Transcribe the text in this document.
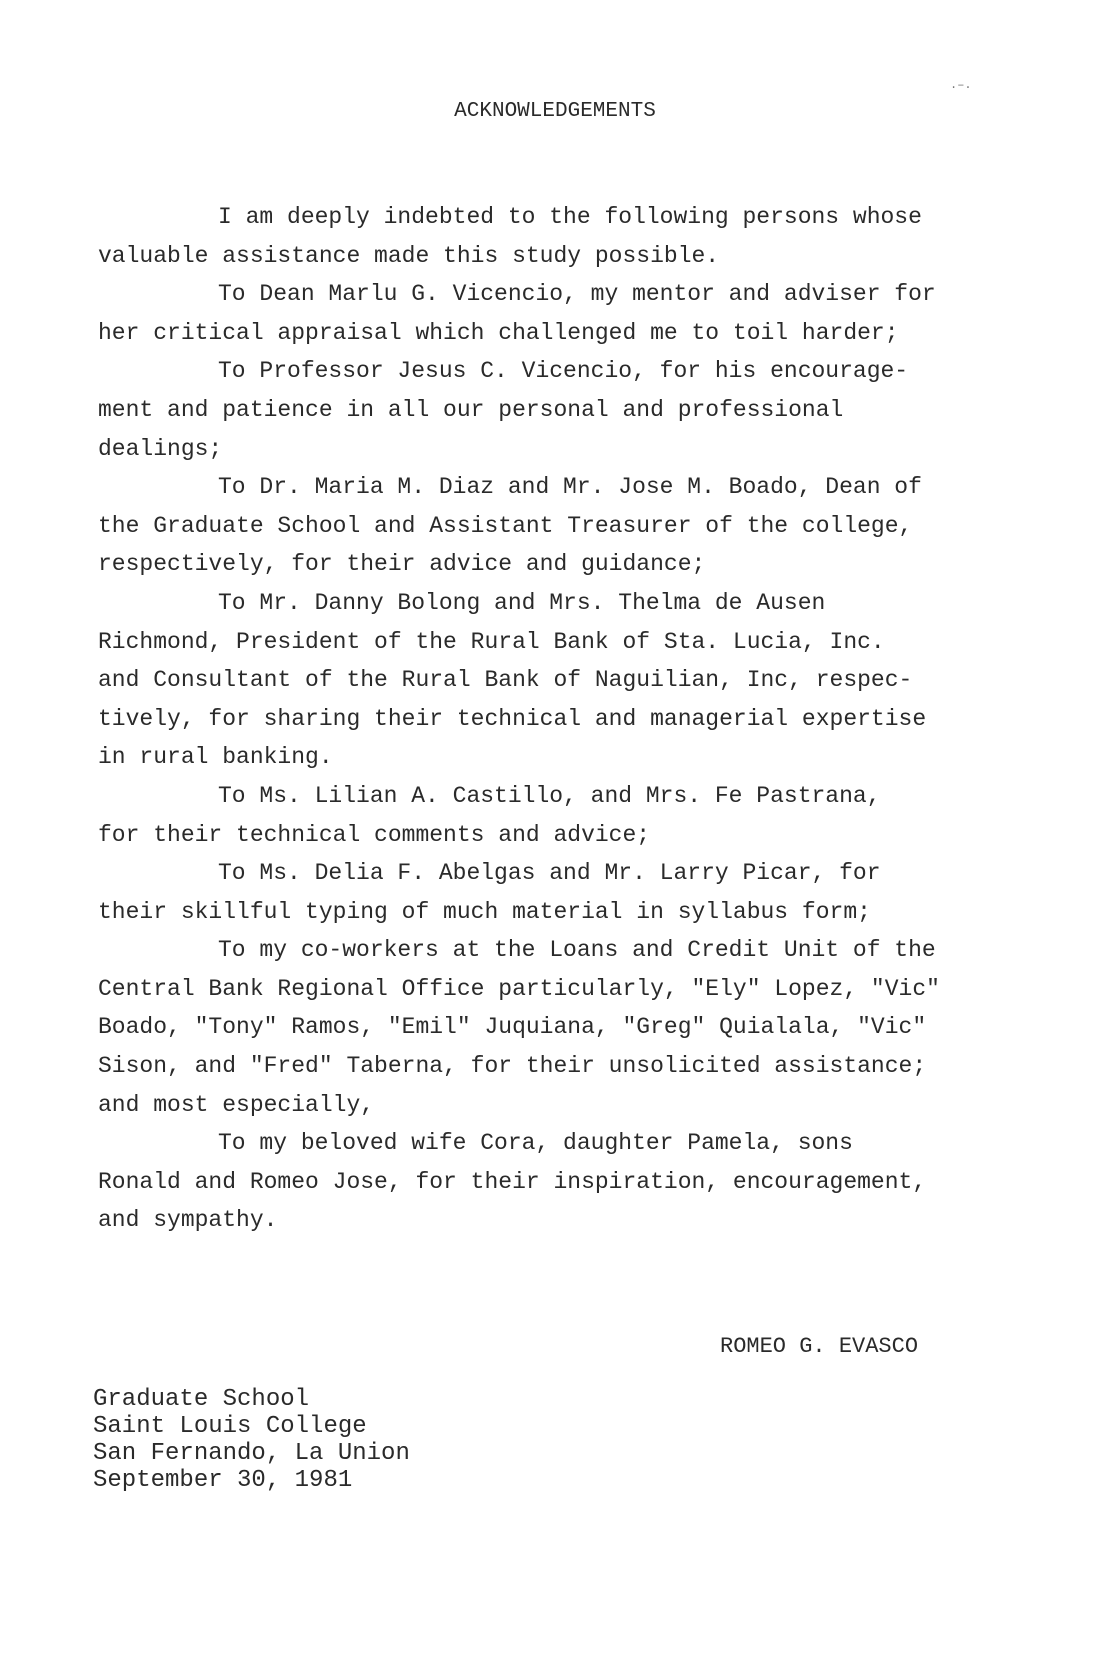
.–.
ACKNOWLEDGEMENTS
I am deeply indebted to the following persons whose
valuable assistance made this study possible.
To Dean Marlu G. Vicencio, my mentor and adviser for
her critical appraisal which challenged me to toil harder;
To Professor Jesus C. Vicencio, for his encourage-
ment and patience in all our personal and professional
dealings;
To Dr. Maria M. Diaz and Mr. Jose M. Boado, Dean of
the Graduate School and Assistant Treasurer of the college,
respectively, for their advice and guidance;
To Mr. Danny Bolong and Mrs. Thelma de Ausen
Richmond, President of the Rural Bank of Sta. Lucia, Inc.
and Consultant of the Rural Bank of Naguilian, Inc, respec-
tively, for sharing their technical and managerial expertise
in rural banking.
To Ms. Lilian A. Castillo, and Mrs. Fe Pastrana,
for their technical comments and advice;
To Ms. Delia F. Abelgas and Mr. Larry Picar, for
their skillful typing of much material in syllabus form;
To my co-workers at the Loans and Credit Unit of the
Central Bank Regional Office particularly, "Ely" Lopez, "Vic"
Boado, "Tony" Ramos, "Emil" Juquiana, "Greg" Quialala, "Vic"
Sison, and "Fred" Taberna, for their unsolicited assistance;
and most especially,
To my beloved wife Cora, daughter Pamela, sons
Ronald and Romeo Jose, for their inspiration, encouragement,
and sympathy.
ROMEO G. EVASCO
Graduate School
Saint Louis College
San Fernando, La Union
September 30, 1981
